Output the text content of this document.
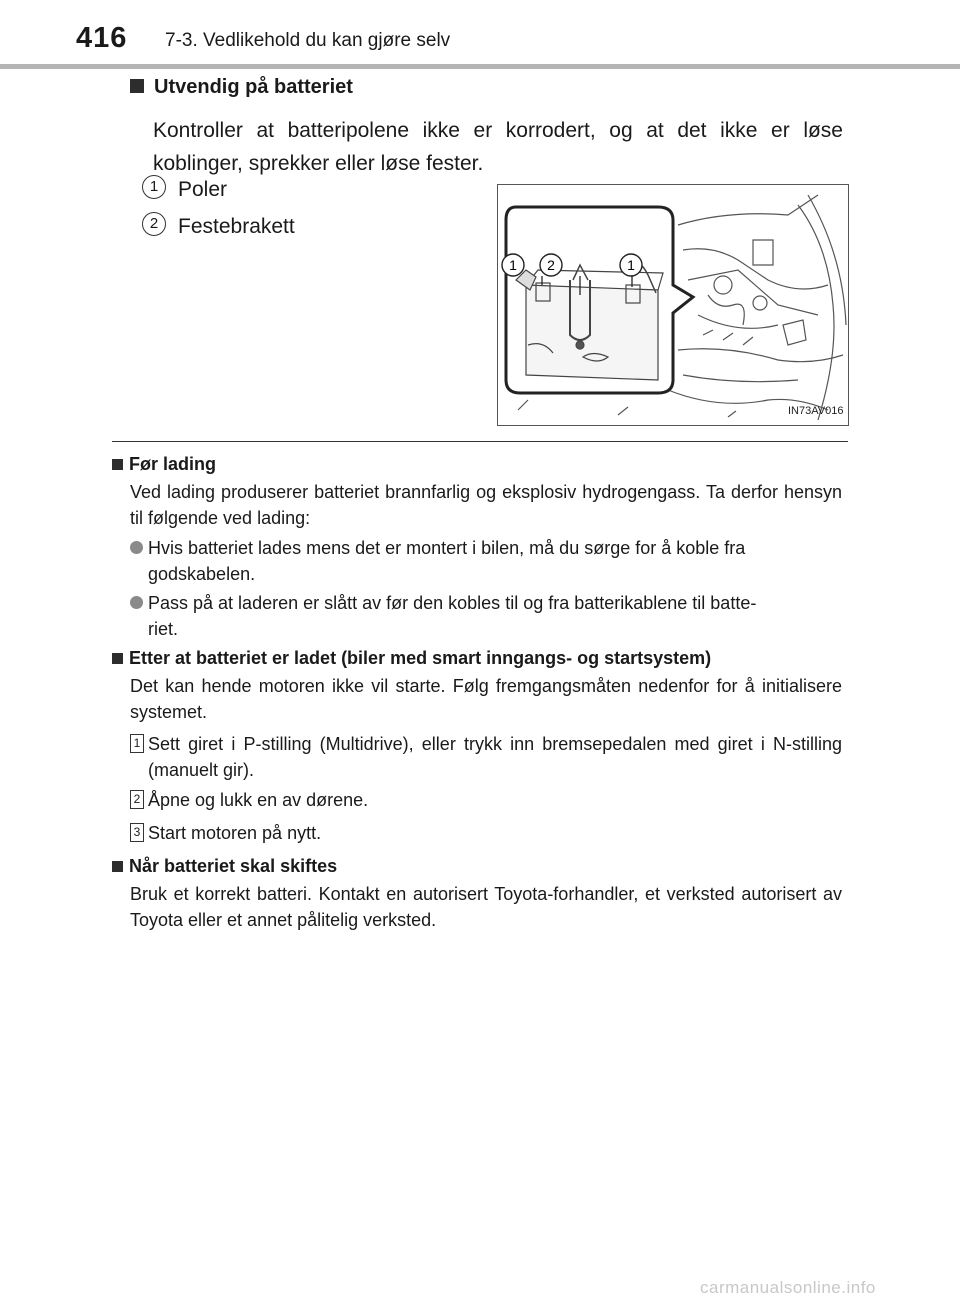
416 7-3. Vedlikehold du kan gjøre selv
Utvendig på batteriet
Kontroller at batteripolene ikke er korrodert, og at det ikke er løse koblinger, sprekker eller løse fester.
1 Poler
2 Festebrakett
1 2	1
IN73AV016
Før lading
Ved lading produserer batteriet brannfarlig og eksplosiv hydrogengass. Ta derfor hensyn til følgende ved lading:
Hvis batteriet lades mens det er montert i bilen, må du sørge for å koble fra
godskabelen.
Pass på at laderen er slått av før den kobles til og fra batterikablene til batte-
riet.
Etter at batteriet er ladet (biler med smart inngangs- og startsystem)
Det kan hende motoren ikke vil starte. Følg fremgangsmåten nedenfor for å initialisere systemet.
1 Sett giret i P-stilling (Multidrive), eller trykk inn bremsepedalen med giret i N-stilling (manuelt gir).
2 Åpne og lukk en av dørene.
3 Start motoren på nytt.
Når batteriet skal skiftes
Bruk et korrekt batteri. Kontakt en autorisert Toyota-forhandler, et verksted autorisert av Toyota eller et annet pålitelig verksted.
carmanualsonline.info
